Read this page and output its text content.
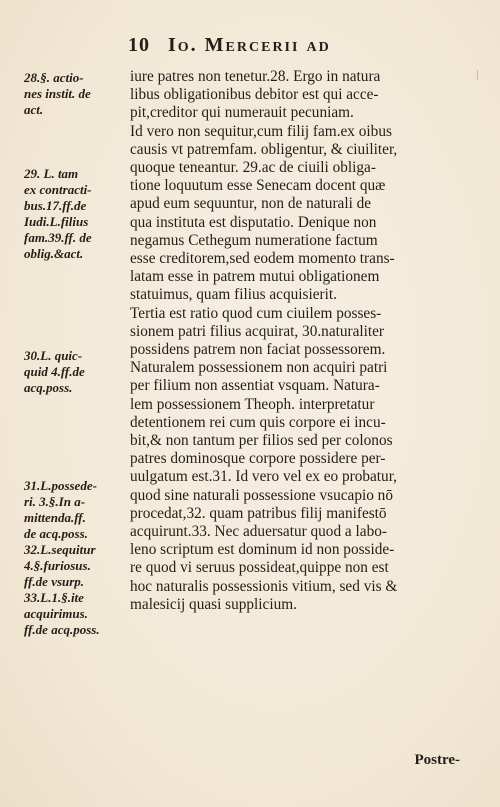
10 Io. Mercerii ad
28.§. actio-
nes instit. de
act.
29. L. tam
ex contracti-
bus.17.ff.de
Iudi.L.filius
fam.39.ff. de
oblig.&act.
30.L. quic-
quid 4.ff.de
acq.poss.
31.L.possede-
ri. 3.§.In a-
mittenda.ff.
de acq.poss.
32.L.sequitur
4.§.furiosus.
ff.de vsurp.
33.L.1.§.ite
acquirimus.
ff.de acq.poss.
iure patres non tenetur.28. Ergo in natura
libus obligationibus debitor est qui acce-
pit,creditor qui numerauit pecuniam.
Id vero non sequitur,cum filij fam.ex oibus
causis vt patremfam. obligentur, & ciuiliter,
quoque teneantur. 29.ac de ciuili obliga-
tione loquutum esse Senecam docent quæ
apud eum sequuntur, non de naturali de
qua instituta est disputatio. Denique non
negamus Cethegum numeratione factum
esse creditorem,sed eodem momento trans-
latam esse in patrem mutui obligationem
statuimus, quam filius acquisierit.
Tertia est ratio quod cum ciuilem posses-
sionem patri filius acquirat, 30.naturaliter
possidens patrem non faciat possessorem.
Naturalem possessionem non acquiri patri
per filium non assentiat vsquam. Natura-
lem possessionem Theoph. interpretatur
detentionem rei cum quis corpore ei incu-
bit,& non tantum per filios sed per colonos
patres dominosque corpore possidere per-
uulgatum est.31. Id vero vel ex eo probatur,
quod sine naturali possessione vsucapio nō
procedat,32. quam patribus filij manifestō
acquirunt.33. Nec aduersatur quod a labo-
leno scriptum est dominum id non posside-
re quod vi seruus possideat,quippe non est
hoc naturalis possessionis vitium, sed vis &
malesicij quasi supplicium.
Postre-
